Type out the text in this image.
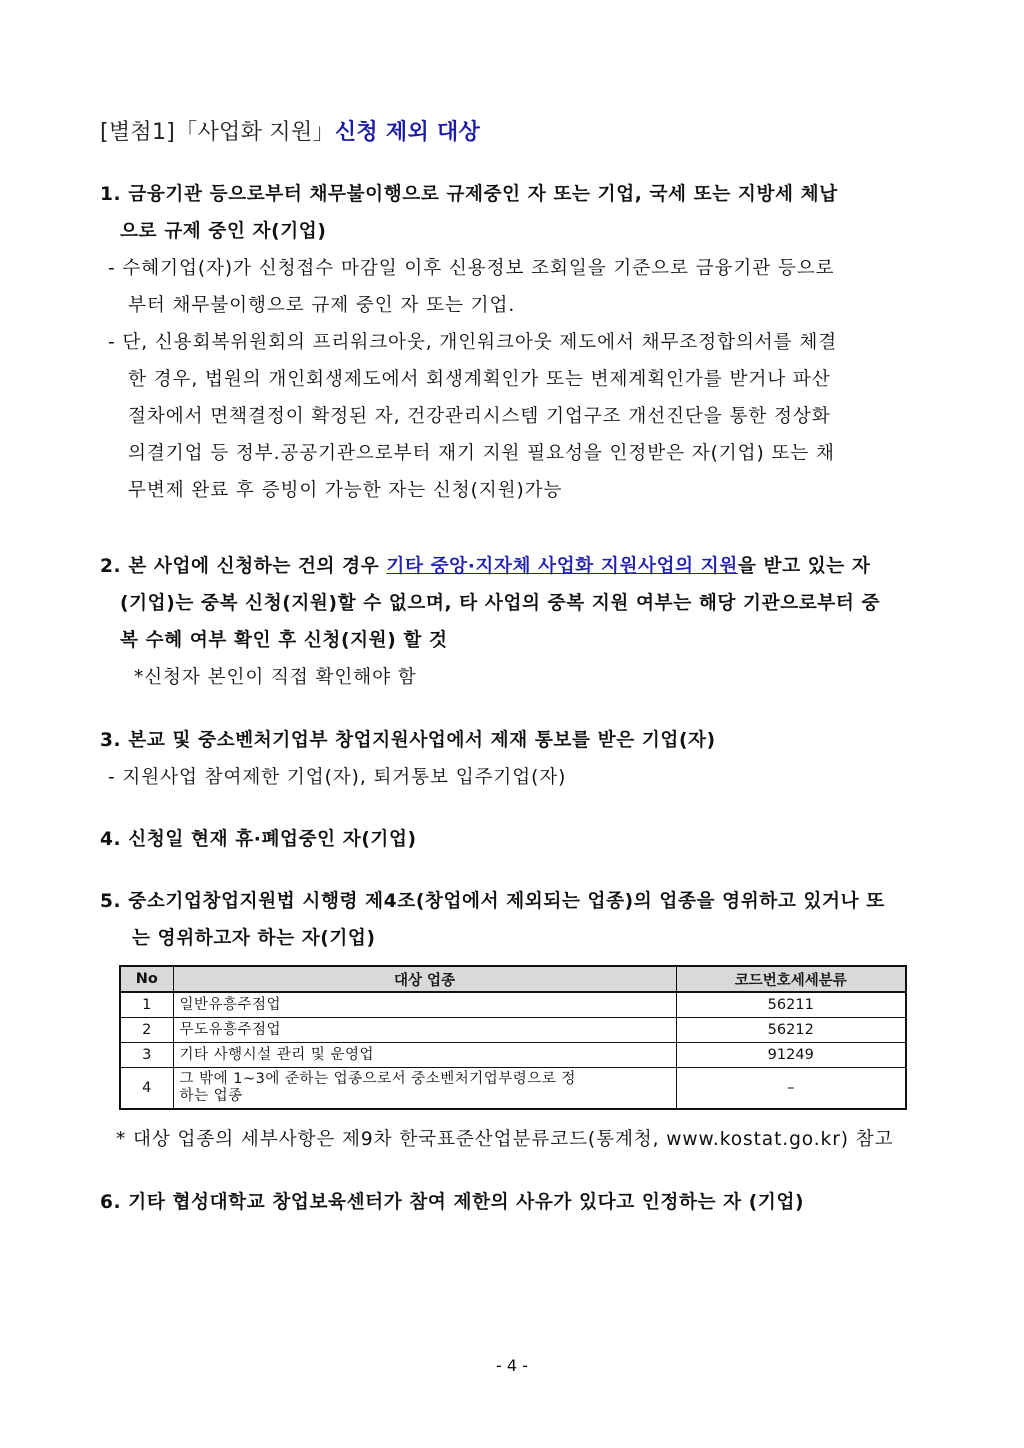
[별첨1]「사업화 지원」신청 제외 대상
1. 금융기관 등으로부터 채무불이행으로 규제중인 자 또는 기업, 국세 또는 지방세 체납
으로 규제 중인 자(기업)
- 수혜기업(자)가 신청접수 마감일 이후 신용정보 조회일을 기준으로 금융기관 등으로
부터 채무불이행으로 규제 중인 자 또는 기업.
- 단, 신용회복위원회의 프리워크아웃, 개인워크아웃 제도에서 채무조정합의서를 체결
한 경우, 법원의 개인회생제도에서 회생계획인가 또는 변제계획인가를 받거나 파산
절차에서 면책결정이 확정된 자, 건강관리시스템 기업구조 개선진단을 통한 정상화
의결기업 등 정부.공공기관으로부터 재기 지원 필요성을 인정받은 자(기업) 또는 채
무변제 완료 후 증빙이 가능한 자는 신청(지원)가능
2. 본 사업에 신청하는 건의 경우 기타 중앙·지자체 사업화 지원사업의 지원을 받고 있는 자
(기업)는 중복 신청(지원)할 수 없으며, 타 사업의 중복 지원 여부는 해당 기관으로부터 중
복 수혜 여부 확인 후 신청(지원) 할 것
*신청자 본인이 직접 확인해야 함
3. 본교 및 중소벤처기업부 창업지원사업에서 제재 통보를 받은 기업(자)
- 지원사업 참여제한 기업(자), 퇴거통보 입주기업(자)
4. 신청일 현재 휴·폐업중인 자(기업)
5. 중소기업창업지원법 시행령 제4조(창업에서 제외되는 업종)의 업종을 영위하고 있거나 또
는 영위하고자 하는 자(기업)
No	대상 업종	코드번호세세분류
1	일반유흥주점업	56211
2	무도유흥주점업	56212
3	기타 사행시설 관리 및 운영업	91249
4	그 밖에 1~3에 준하는 업종으로서 중소벤처기업부령으로 정
하는 업종	–
* 대상 업종의 세부사항은 제9차 한국표준산업분류코드(통계청, www.kostat.go.kr) 참고
6. 기타 협성대학교 창업보육센터가 참여 제한의 사유가 있다고 인정하는 자 (기업)
- 4 -
